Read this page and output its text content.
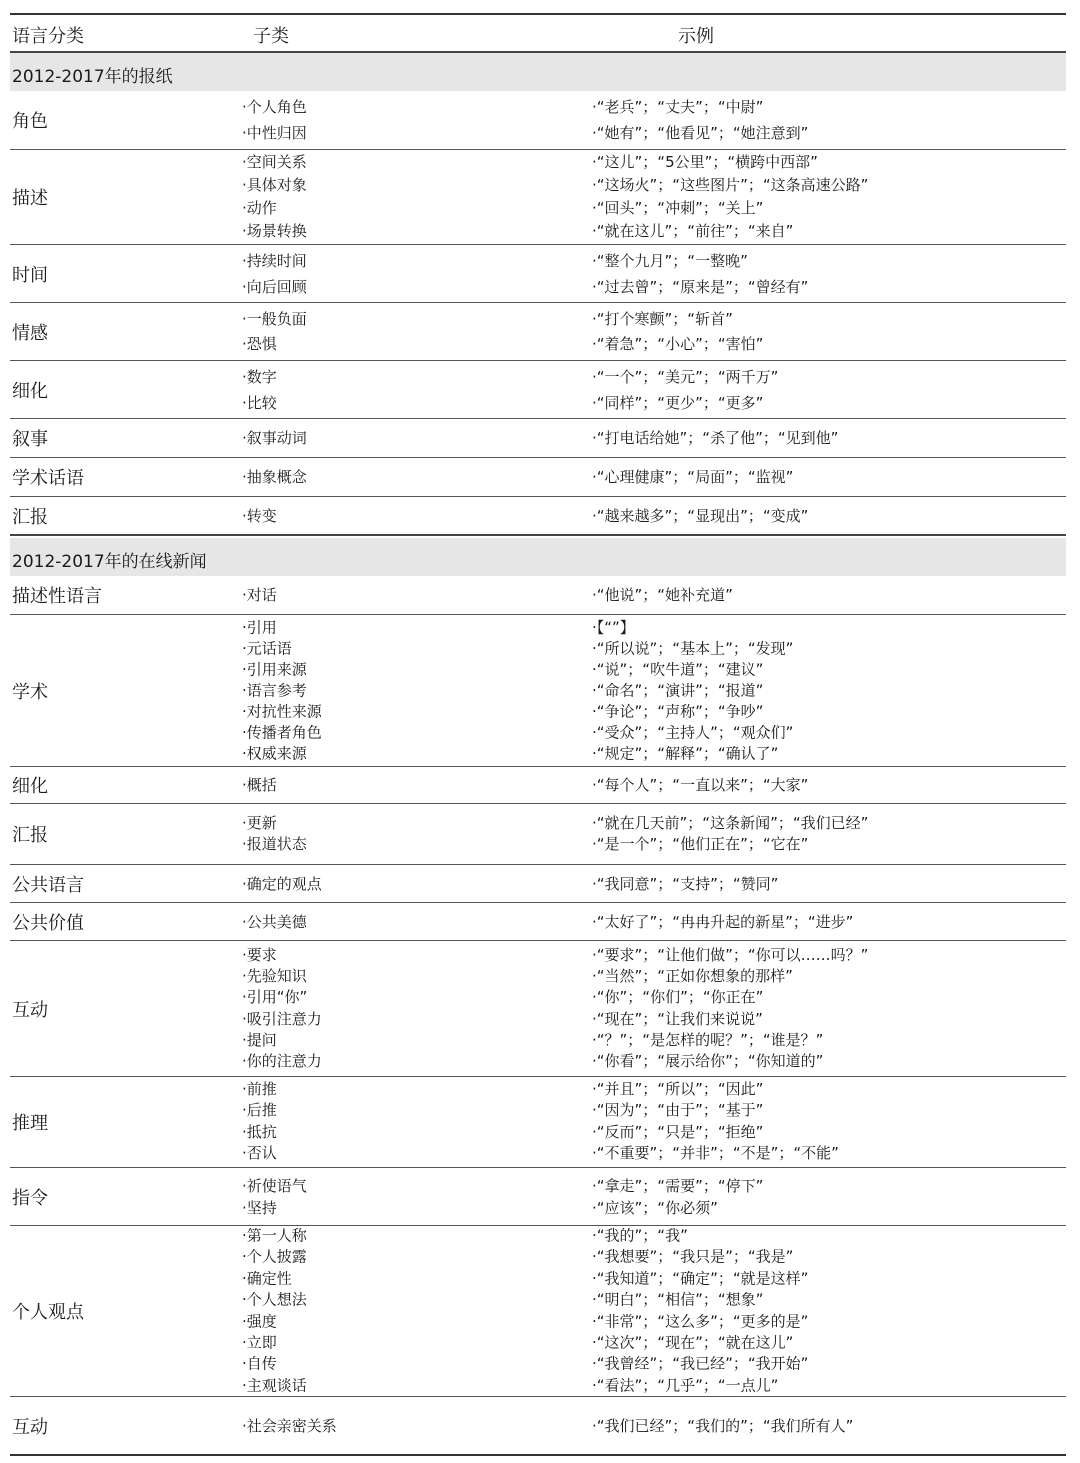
语言分类	子类	示例
2012-2017年的报纸
角色
·个人角色	·“老兵”；“丈夫”；“中尉”
·中性归因	·“她有”；“他看见”；“她注意到”
描述
·空间关系	·“这儿”；“5公里”；“横跨中西部”
·具体对象	·“这场火”；“这些图片”；“这条高速公路”
·动作	·“回头”；“冲刺”；“关上”
·场景转换	·“就在这儿”；“前往”；“来自”
时间
·持续时间	·“整个九月”；“一整晚”
·向后回顾	·“过去曾”；“原来是”；“曾经有”
情感
·一般负面	·“打个寒颤”；“斩首”
·恐惧	·“着急”；“小心”；“害怕”
细化
·数字	·“一个”；“美元”；“两千万”
·比较	·“同样”；“更少”；“更多”
叙事	·叙事动词	·“打电话给她”；“杀了他”；“见到他”
学术话语	·抽象概念	·“心理健康”；“局面”；“监视”
汇报	·转变	·“越来越多”；“显现出”；“变成”
2012-2017年的在线新闻
描述性语言	·对话	·“他说”；“她补充道”
学术
·引用	·【“”】
·元话语	·“所以说”；“基本上”；“发现”
·引用来源	·“说”；“吹牛道”；“建议”
·语言参考	·“命名”；“演讲”；“报道”
·对抗性来源	·“争论”；“声称”；“争吵”
·传播者角色	·“受众”；“主持人”；“观众们”
·权威来源	·“规定”；“解释”；“确认了”
细化	·概括	·“每个人”；“一直以来”；“大家”
汇报
·更新	·“就在几天前”；“这条新闻”；“我们已经”
·报道状态	·“是一个”；“他们正在”；“它在”
公共语言	·确定的观点	·“我同意”；“支持”；“赞同”
公共价值	·公共美德	·“太好了”；“冉冉升起的新星”；“进步”
互动
·要求	·“要求”；“让他们做”；“你可以……吗？”
·先验知识	·“当然”；“正如你想象的那样”
·引用“你”	·“你”；“你们”；“你正在”
·吸引注意力	·“现在”；“让我们来说说”
·提问	·“？”；“是怎样的呢？”；“谁是？”
·你的注意力	·“你看”；“展示给你”；“你知道的”
推理
·前推	·“并且”；“所以”；“因此”
·后推	·“因为”；“由于”；“基于”
·抵抗	·“反而”；“只是”；“拒绝”
·否认	·“不重要”；“并非”；“不是”；“不能”
指令
·祈使语气	·“拿走”；“需要”；“停下”
·坚持	·“应该”；“你必须”
个人观点
·第一人称	·“我的”；“我”
·个人披露	·“我想要”；“我只是”；“我是”
·确定性	·“我知道”；“确定”；“就是这样”
·个人想法	·“明白”；“相信”；“想象”
·强度	·“非常”；“这么多”；“更多的是”
·立即	·“这次”；“现在”；“就在这儿”
·自传	·“我曾经”；“我已经”；“我开始”
·主观谈话	·“看法”；“几乎”；“一点儿”
互动	·社会亲密关系	·“我们已经”；“我们的”；“我们所有人”
